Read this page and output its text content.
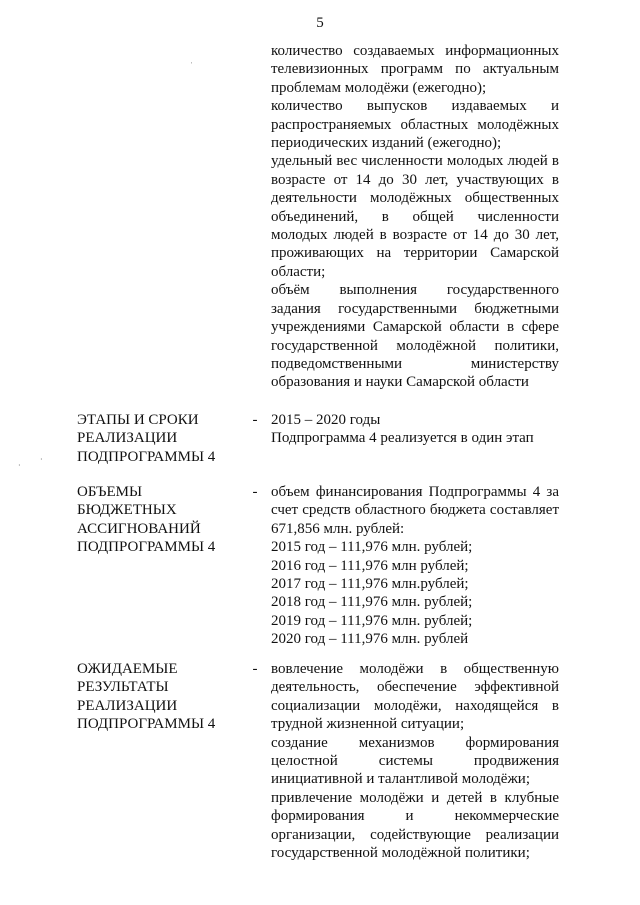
5

количество создаваемых информационных телевизионных программ по актуальным проблемам молодёжи (ежегодно);

количество выпусков издаваемых и распространяемых областных молодёжных периодических изданий (ежегодно);

удельный вес численности молодых людей в возрасте от 14 до 30 лет, участвующих в деятельности молодёжных общественных объединений, в общей численности молодых людей в возрасте от 14 до 30 лет, проживающих на территории Самарской области;

объём выполнения государственного задания государственными бюджетными учреждениями Самарской области в сфере государственной молодёжной политики, подведомственными министерству образования и науки Самарской области

ЭТАПЫ И СРОКИ
РЕАЛИЗАЦИИ
ПОДПРОГРАММЫ 4
- 2015 – 2020 годы

Подпрограмма 4 реализуется в один этап

ОБЪЕМЫ
БЮДЖЕТНЫХ
АССИГНОВАНИЙ
ПОДПРОГРАММЫ 4
- объем финансирования Подпрограммы 4 за счет средств областного бюджета составляет 671,856 млн. рублей:

2015 год – 111,976 млн. рублей;

2016 год – 111,976 млн рублей;

2017 год – 111,976 млн.рублей;

2018 год – 111,976 млн. рублей;

2019 год – 111,976 млн. рублей;

2020 год – 111,976 млн. рублей

ОЖИДАЕМЫЕ
РЕЗУЛЬТАТЫ
РЕАЛИЗАЦИИ
ПОДПРОГРАММЫ 4
- вовлечение молодёжи в общественную деятельность, обеспечение эффективной социализации молодёжи, находящейся в трудной жизненной ситуации;

создание механизмов формирования целостной системы продвижения инициативной и талантливой молодёжи;

привлечение молодёжи и детей в клубные формирования и некоммерческие организации, содействующие реализации государственной молодёжной политики;

ˈ
·
·
